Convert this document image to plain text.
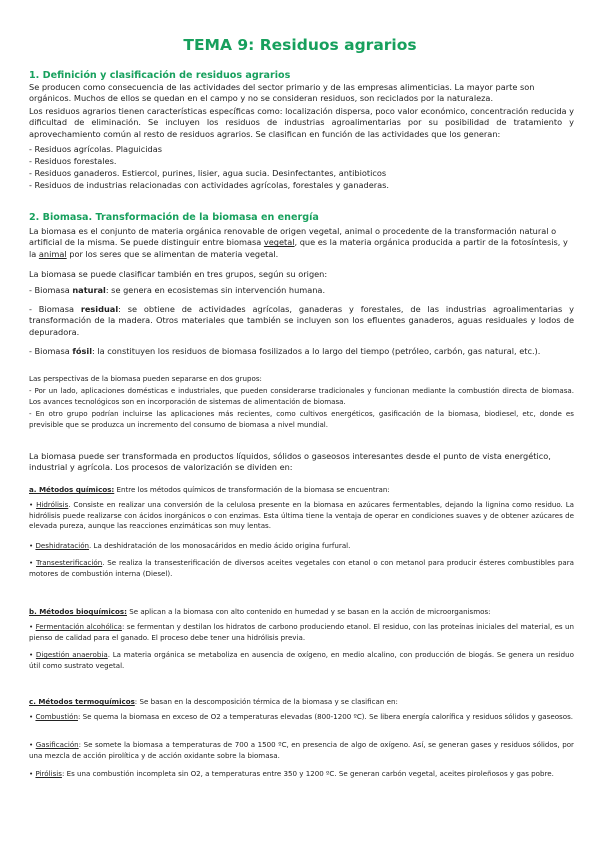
TEMA 9: Residuos agrarios
1. Definición y clasificación de residuos agrarios

Se producen como consecuencia de las actividades del sector primario y de las empresas alimenticias. La mayor parte son orgánicos. Muchos de ellos se quedan en el campo y no se consideran residuos, son reciclados por la naturaleza.

Los residuos agrarios tienen características específicas como: localización dispersa, poco valor económico, concentración reducida y dificultad de eliminación. Se incluyen los residuos de industrias agroalimentarias por su posibilidad de tratamiento y aprovechamiento común al resto de residuos agrarios. Se clasifican en función de las actividades que los generan:

- Residuos agrícolas. Plaguicidas

- Residuos forestales.

- Residuos ganaderos. Estiercol, purines, lisier, agua sucia. Desinfectantes, antibioticos

- Residuos de industrias relacionadas con actividades agrícolas, forestales y ganaderas.

2. Biomasa. Transformación de la biomasa en energía

La biomasa es el conjunto de materia orgánica renovable de origen vegetal, animal o procedente de la transformación natural o artificial de la misma. Se puede distinguir entre biomasa vegetal, que es la materia orgánica producida a partir de la fotosíntesis, y la animal por los seres que se alimentan de materia vegetal.

La biomasa se puede clasificar también en tres grupos, según su origen:

- Biomasa natural: se genera en ecosistemas sin intervención humana.

- Biomasa residual: se obtiene de actividades agrícolas, ganaderas y forestales, de las industrias agroalimentarias y transformación de la madera. Otros materiales que también se incluyen son los efluentes ganaderos, aguas residuales y lodos de depuradora.

- Biomasa fósil: la constituyen los residuos de biomasa fosilizados a lo largo del tiempo (petróleo, carbón, gas natural, etc.).

Las perspectivas de la biomasa pueden separarse en dos grupos:

- Por un lado, aplicaciones domésticas e industriales, que pueden considerarse tradicionales y funcionan mediante la combustión directa de biomasa. Los avances tecnológicos son en incorporación de sistemas de alimentación de biomasa.

- En otro grupo podrían incluirse las aplicaciones más recientes, como cultivos energéticos, gasificación de la biomasa, biodiesel, etc, donde es previsible que se produzca un incremento del consumo de biomasa a nivel mundial.

La biomasa puede ser transformada en productos líquidos, sólidos o gaseosos interesantes desde el punto de vista energético, industrial y agrícola. Los procesos de valorización se dividen en:

a. Métodos químicos: Entre los métodos químicos de transformación de la biomasa se encuentran:

• Hidrólisis. Consiste en realizar una conversión de la celulosa presente en la biomasa en azúcares fermentables, dejando la lignina como residuo. La hidrólisis puede realizarse con ácidos inorgánicos o con enzimas. Esta última tiene la ventaja de operar en condiciones suaves y de obtener azúcares de elevada pureza, aunque las reacciones enzimáticas son muy lentas.

• Deshidratación. La deshidratación de los monosacáridos en medio ácido origina furfural.

• Transesterificación. Se realiza la transesterificación de diversos aceites vegetales con etanol o con metanol para producir ésteres combustibles para motores de combustión interna (Diesel).

b. Métodos bioquímicos: Se aplican a la biomasa con alto contenido en humedad y se basan en la acción de microorganismos:

• Fermentación alcohólica: se fermentan y destilan los hidratos de carbono produciendo etanol. El residuo, con las proteínas iniciales del material, es un pienso de calidad para el ganado. El proceso debe tener una hidrólisis previa.

• Digestión anaerobia. La materia orgánica se metaboliza en ausencia de oxígeno, en medio alcalino, con producción de biogás. Se genera un residuo útil como sustrato vegetal.

c. Métodos termoquímicos: Se basan en la descomposición térmica de la biomasa y se clasifican en:

• Combustión: Se quema la biomasa en exceso de O2 a temperaturas elevadas (800-1200 ºC). Se libera energía calorífica y residuos sólidos y gaseosos.

• Gasificación: Se somete la biomasa a temperaturas de 700 a 1500 ºC, en presencia de algo de oxígeno. Así, se generan gases y residuos sólidos, por una mezcla de acción pirolítica y de acción oxidante sobre la biomasa.

• Pirólisis: Es una combustión incompleta sin O2, a temperaturas entre 350 y 1200 ºC. Se generan carbón vegetal, aceites piroleñosos y gas pobre.
